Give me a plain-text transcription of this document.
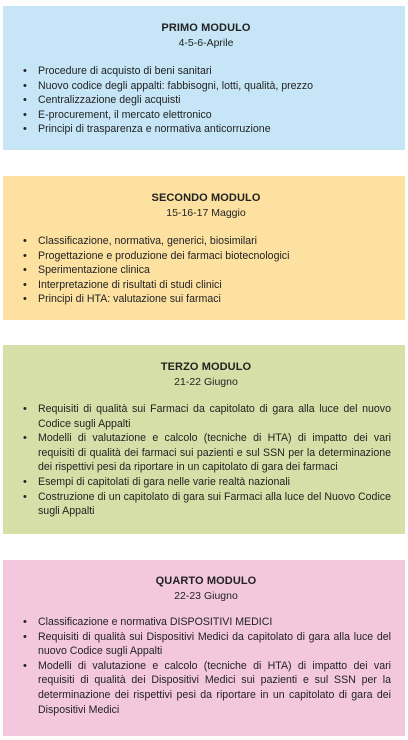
PRIMO MODULO

4-5-6-Aprile

• Procedure di acquisto di beni sanitari
• Nuovo codice degli appalti: fabbisogni, lotti, qualità, prezzo
• Centralizzazione degli acquisti
• E-procurement, il mercato elettronico
• Principi di trasparenza e normativa anticorruzione
SECONDO MODULO

15-16-17 Maggio

• Classificazione, normativa, generici, biosimilari
• Progettazione e produzione dei farmaci biotecnologici
• Sperimentazione clinica
• Interpretazione di risultati di studi clinici
• Principi di HTA: valutazione sui farmaci
TERZO MODULO

21-22 Giugno

• Requisiti di qualità sui Farmaci da capitolato di gara alla luce del nuovo Codice sugli Appalti
• Modelli di valutazione e calcolo (tecniche di HTA) di impatto dei vari requisiti di qualità dei farmaci sui pazienti e sul SSN per la determinazione dei rispettivi pesi da riportare in un capitolato di gara dei farmaci
• Esempi di capitolati di gara nelle varie realtà nazionali
• Costruzione di un capitolato di gara sui Farmaci alla luce del Nuovo Codice sugli Appalti
QUARTO MODULO

22-23 Giugno

• Classificazione e normativa DISPOSITIVI MEDICI
• Requisiti di qualità sui Dispositivi Medici da capitolato di gara alla luce del nuovo Codice sugli Appalti
• Modelli di valutazione e calcolo (tecniche di HTA) di impatto dei vari requisiti di qualità dei Dispositivi Medici sui pazienti e sul SSN per la determinazione dei rispettivi pesi da riportare in un capitolato di gara dei Dispositivi Medici
